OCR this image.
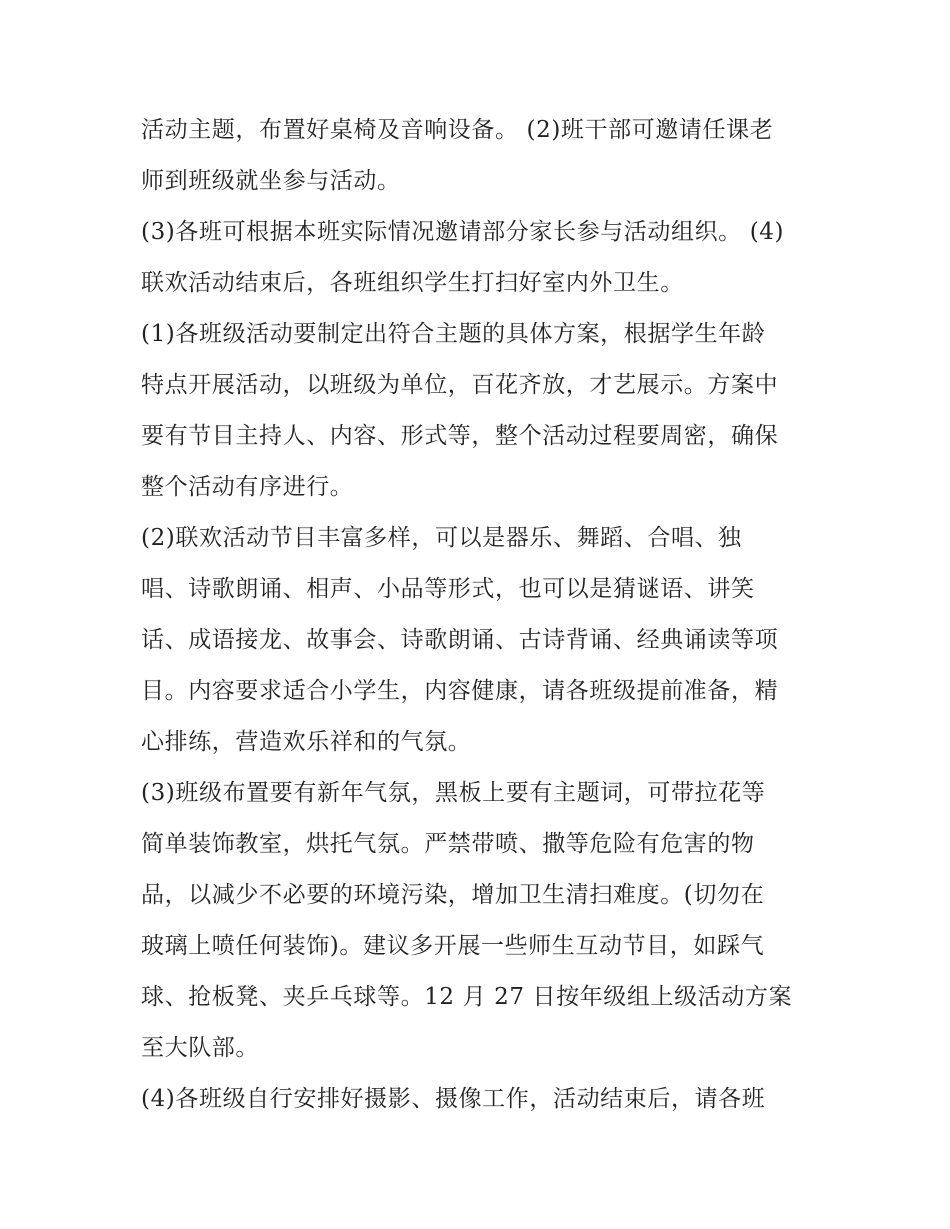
活动主题，布置好桌椅及音响设备。 (2)班干部可邀请任课老
师到班级就坐参与活动。
(3)各班可根据本班实际情况邀请部分家长参与活动组织。 (4)
联欢活动结束后，各班组织学生打扫好室内外卫生。
(1)各班级活动要制定出符合主题的具体方案，根据学生年龄
特点开展活动，以班级为单位，百花齐放，才艺展示。方案中
要有节目主持人、内容、形式等，整个活动过程要周密，确保
整个活动有序进行。
(2)联欢活动节目丰富多样，可以是器乐、舞蹈、合唱、独
唱、诗歌朗诵、相声、小品等形式，也可以是猜谜语、讲笑
话、成语接龙、故事会、诗歌朗诵、古诗背诵、经典诵读等项
目。内容要求适合小学生，内容健康，请各班级提前准备，精
心排练，营造欢乐祥和的气氛。
(3)班级布置要有新年气氛，黑板上要有主题词，可带拉花等
简单装饰教室，烘托气氛。严禁带喷、撒等危险有危害的物
品，以减少不必要的环境污染，增加卫生清扫难度。(切勿在
玻璃上喷任何装饰)。建议多开展一些师生互动节目，如踩气
球、抢板凳、夹乒乓球等。12 月 27 日按年级组上级活动方案
至大队部。
(4)各班级自行安排好摄影、摄像工作，活动结束后，请各班
